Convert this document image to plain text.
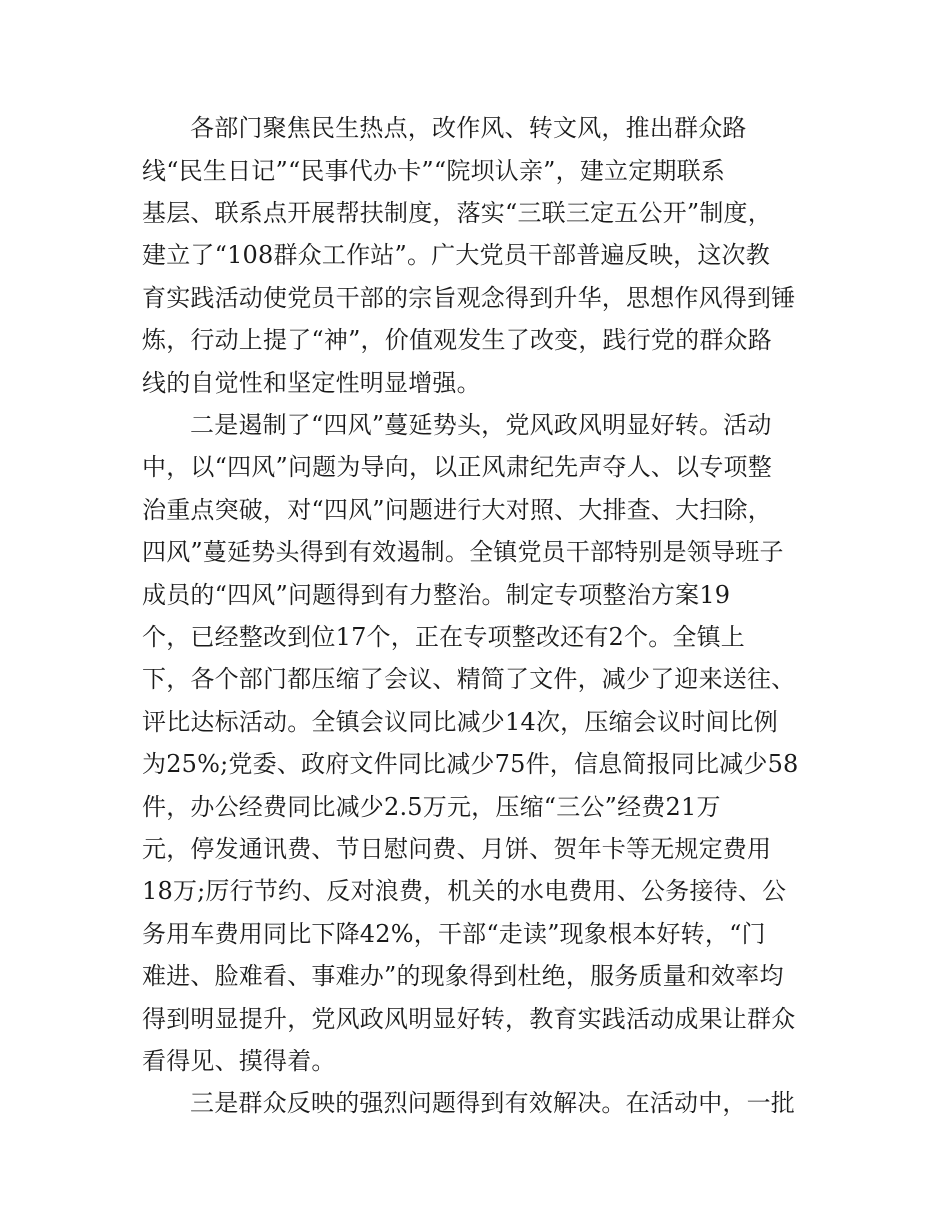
各部门聚焦民生热点，改作风、转文风，推出群众路
线“民生日记”“民事代办卡”“院坝认亲”，建立定期联系
基层、联系点开展帮扶制度，落实“三联三定五公开”制度，
建立了“108群众工作站”。广大党员干部普遍反映，这次教
育实践活动使党员干部的宗旨观念得到升华，思想作风得到锤
炼，行动上提了“神”，价值观发生了改变，践行党的群众路
线的自觉性和坚定性明显增强。
二是遏制了“四风”蔓延势头，党风政风明显好转。活动
中，以“四风”问题为导向，以正风肃纪先声夺人、以专项整
治重点突破，对“四风”问题进行大对照、大排查、大扫除，
四风”蔓延势头得到有效遏制。全镇党员干部特别是领导班子
成员的“四风”问题得到有力整治。制定专项整治方案19
个，已经整改到位17个，正在专项整改还有2个。全镇上
下，各个部门都压缩了会议、精简了文件，减少了迎来送往、
评比达标活动。全镇会议同比减少14次，压缩会议时间比例
为25%;党委、政府文件同比减少75件，信息简报同比减少58
件，办公经费同比减少2.5万元，压缩“三公”经费21万
元，停发通讯费、节日慰问费、月饼、贺年卡等无规定费用
18万;厉行节约、反对浪费，机关的水电费用、公务接待、公
务用车费用同比下降42%，干部“走读”现象根本好转，“门
难进、脸难看、事难办”的现象得到杜绝，服务质量和效率均
得到明显提升，党风政风明显好转，教育实践活动成果让群众
看得见、摸得着。
三是群众反映的强烈问题得到有效解决。在活动中，一批
